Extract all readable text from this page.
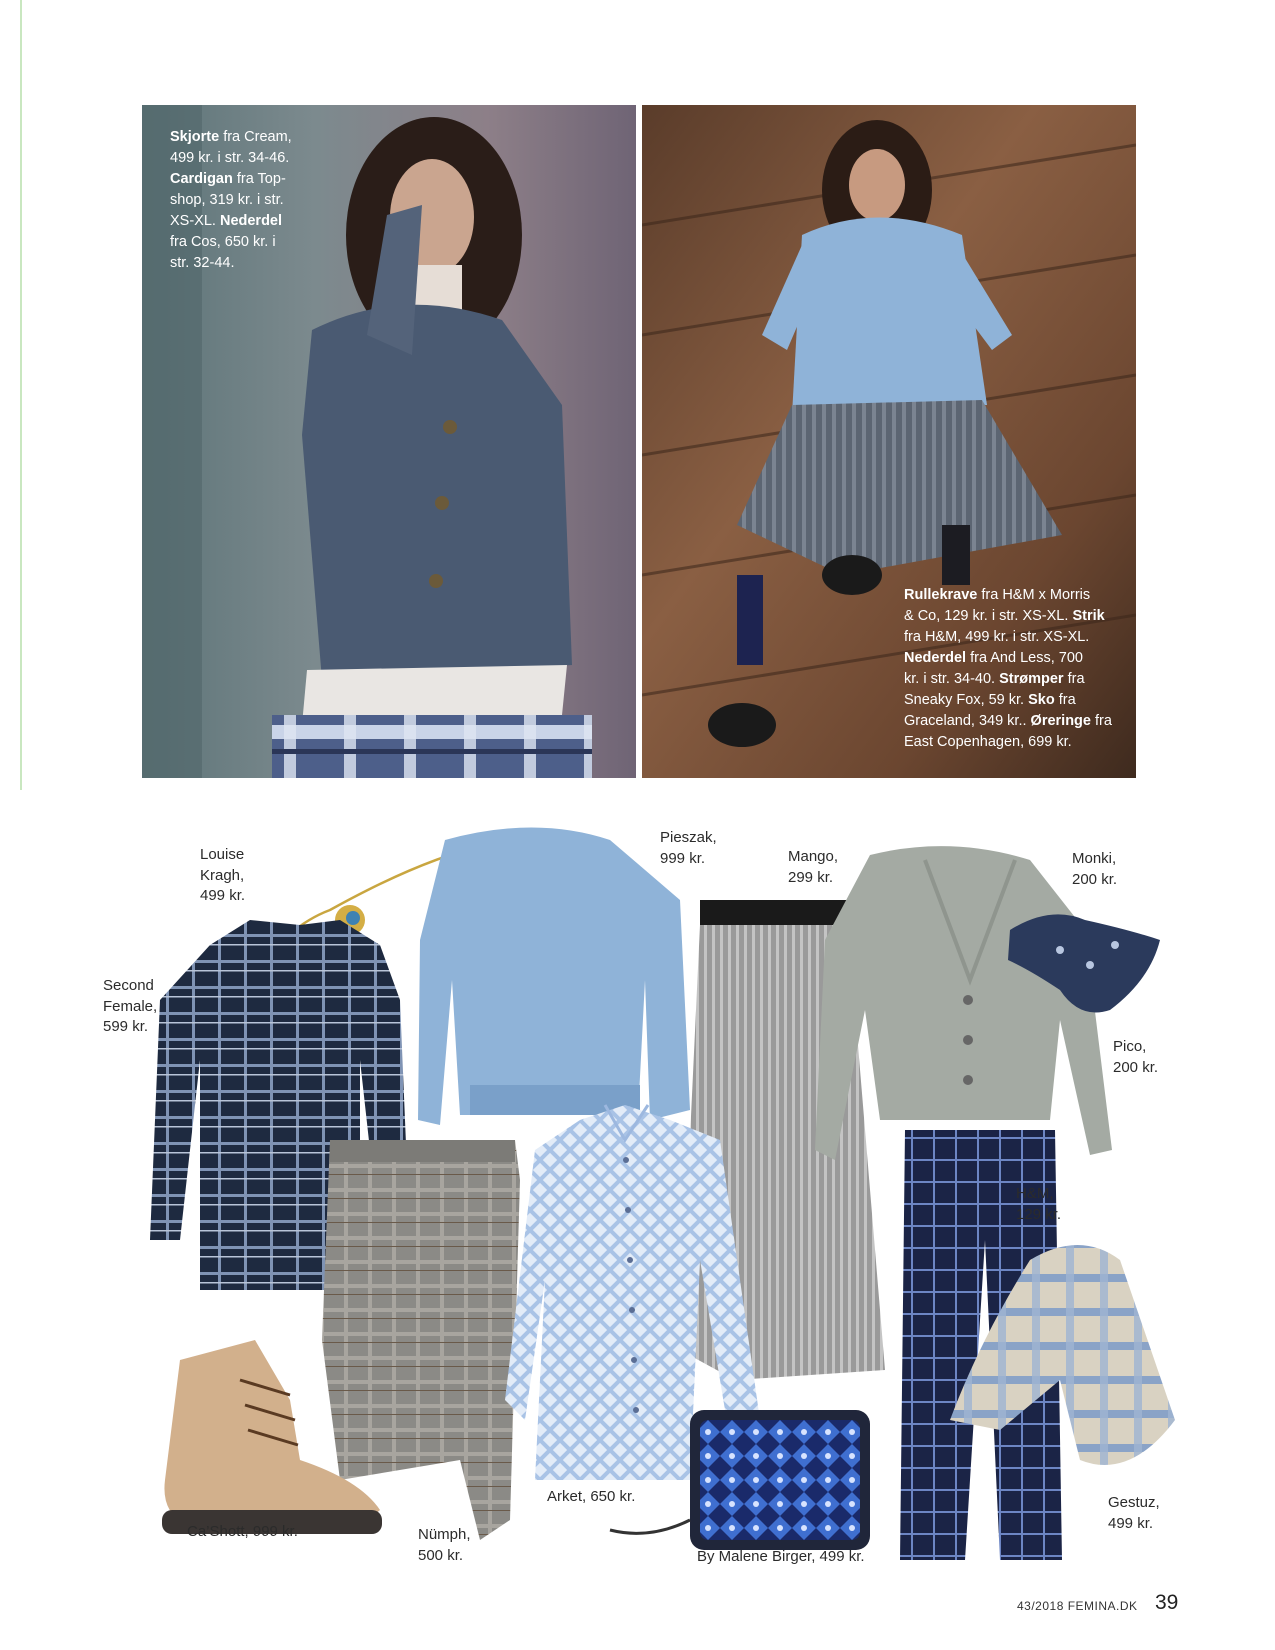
Skjorte fra Cream,
499 kr. i str. 34-46.
Cardigan fra Top-
shop, 319 kr. i str.
XS-XL. Nederdel
fra Cos, 650 kr. i
str. 32-44.
Rullekrave fra H&M x Morris
& Co, 129 kr. i str. XS-XL. Strik
fra H&M, 499 kr. i str. XS-XL.
Nederdel fra And Less, 700
kr. i str. 34-40. Strømper fra
Sneaky Fox, 59 kr. Sko fra
Graceland, 349 kr.. Øreringe fra
East Copenhagen, 699 kr.
Louise
Kragh,
499 kr.
Second
Female,
599 kr.
Pieszak,
999 kr.	Mango,
299 kr.
Monki,
200 kr.
Pico,
200 kr.
H&M,
129 kr.
Gestuz,
499 kr.
Arket, 650 kr.
Ca’Shott, 999 kr.	Nümph,
500 kr.	By Malene Birger, 499 kr.
43/2018 FEMINA.DK 39
